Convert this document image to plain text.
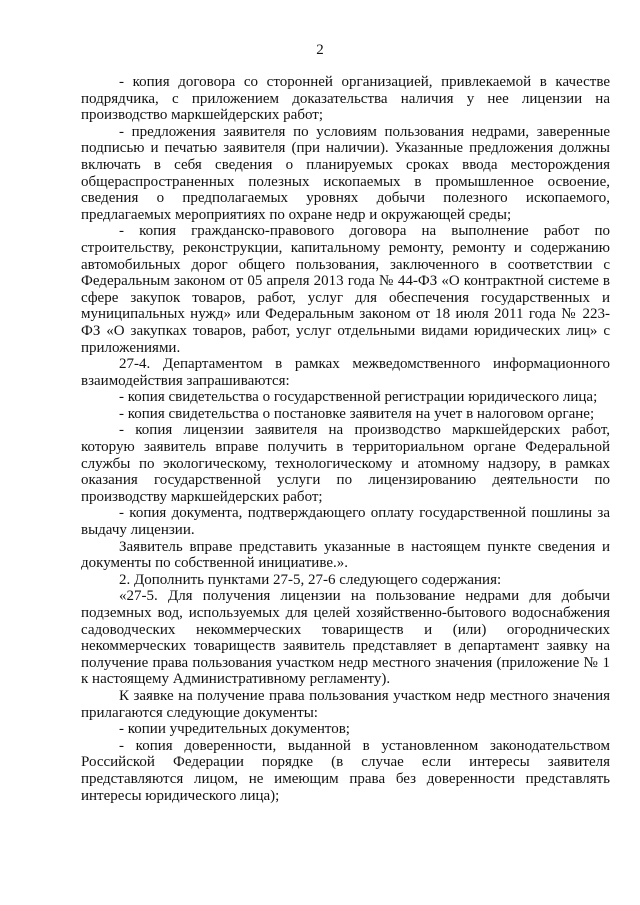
2

- копия договора со сторонней организацией, привлекаемой в качестве подрядчика, с приложением доказательства наличия у нее лицензии на производство маркшейдерских работ;

- предложения заявителя по условиям пользования недрами, заверенные подписью и печатью заявителя (при наличии). Указанные предложения должны включать в себя сведения о планируемых сроках ввода месторождения общераспространенных полезных ископаемых в промышленное освоение, сведения о предполагаемых уровнях добычи полезного ископаемого, предлагаемых мероприятиях по охране недр и окружающей среды;

- копия гражданско-правового договора на выполнение работ по строительству, реконструкции, капитальному ремонту, ремонту и содержанию автомобильных дорог общего пользования, заключенного в соответствии с Федеральным законом от 05 апреля 2013 года № 44-ФЗ «О контрактной системе в сфере закупок товаров, работ, услуг для обеспечения государственных и муниципальных нужд» или Федеральным законом от 18 июля 2011 года № 223-ФЗ «О закупках товаров, работ, услуг отдельными видами юридических лиц» с приложениями.

27-4. Департаментом в рамках межведомственного информационного взаимодействия запрашиваются:

- копия свидетельства о государственной регистрации юридического лица;

- копия свидетельства о постановке заявителя на учет в налоговом органе;

- копия лицензии заявителя на производство маркшейдерских работ, которую заявитель вправе получить в территориальном органе Федеральной службы по экологическому, технологическому и атомному надзору, в рамках оказания государственной услуги по лицензированию деятельности по производству маркшейдерских работ;

- копия документа, подтверждающего оплату государственной пошлины за выдачу лицензии.

Заявитель вправе представить указанные в настоящем пункте сведения и документы по собственной инициативе.».

2. Дополнить пунктами 27-5, 27-6 следующего содержания:

«27-5. Для получения лицензии на пользование недрами для добычи подземных вод, используемых для целей хозяйственно-бытового водоснабжения садоводческих некоммерческих товариществ и (или) огороднических некоммерческих товариществ заявитель представляет в департамент заявку на получение права пользования участком недр местного значения (приложение № 1 к настоящему Административному регламенту).

К заявке на получение права пользования участком недр местного значения прилагаются следующие документы:

- копии учредительных документов;

- копия доверенности, выданной в установленном законодательством Российской Федерации порядке (в случае если интересы заявителя представляются лицом, не имеющим права без доверенности представлять интересы юридического лица);
